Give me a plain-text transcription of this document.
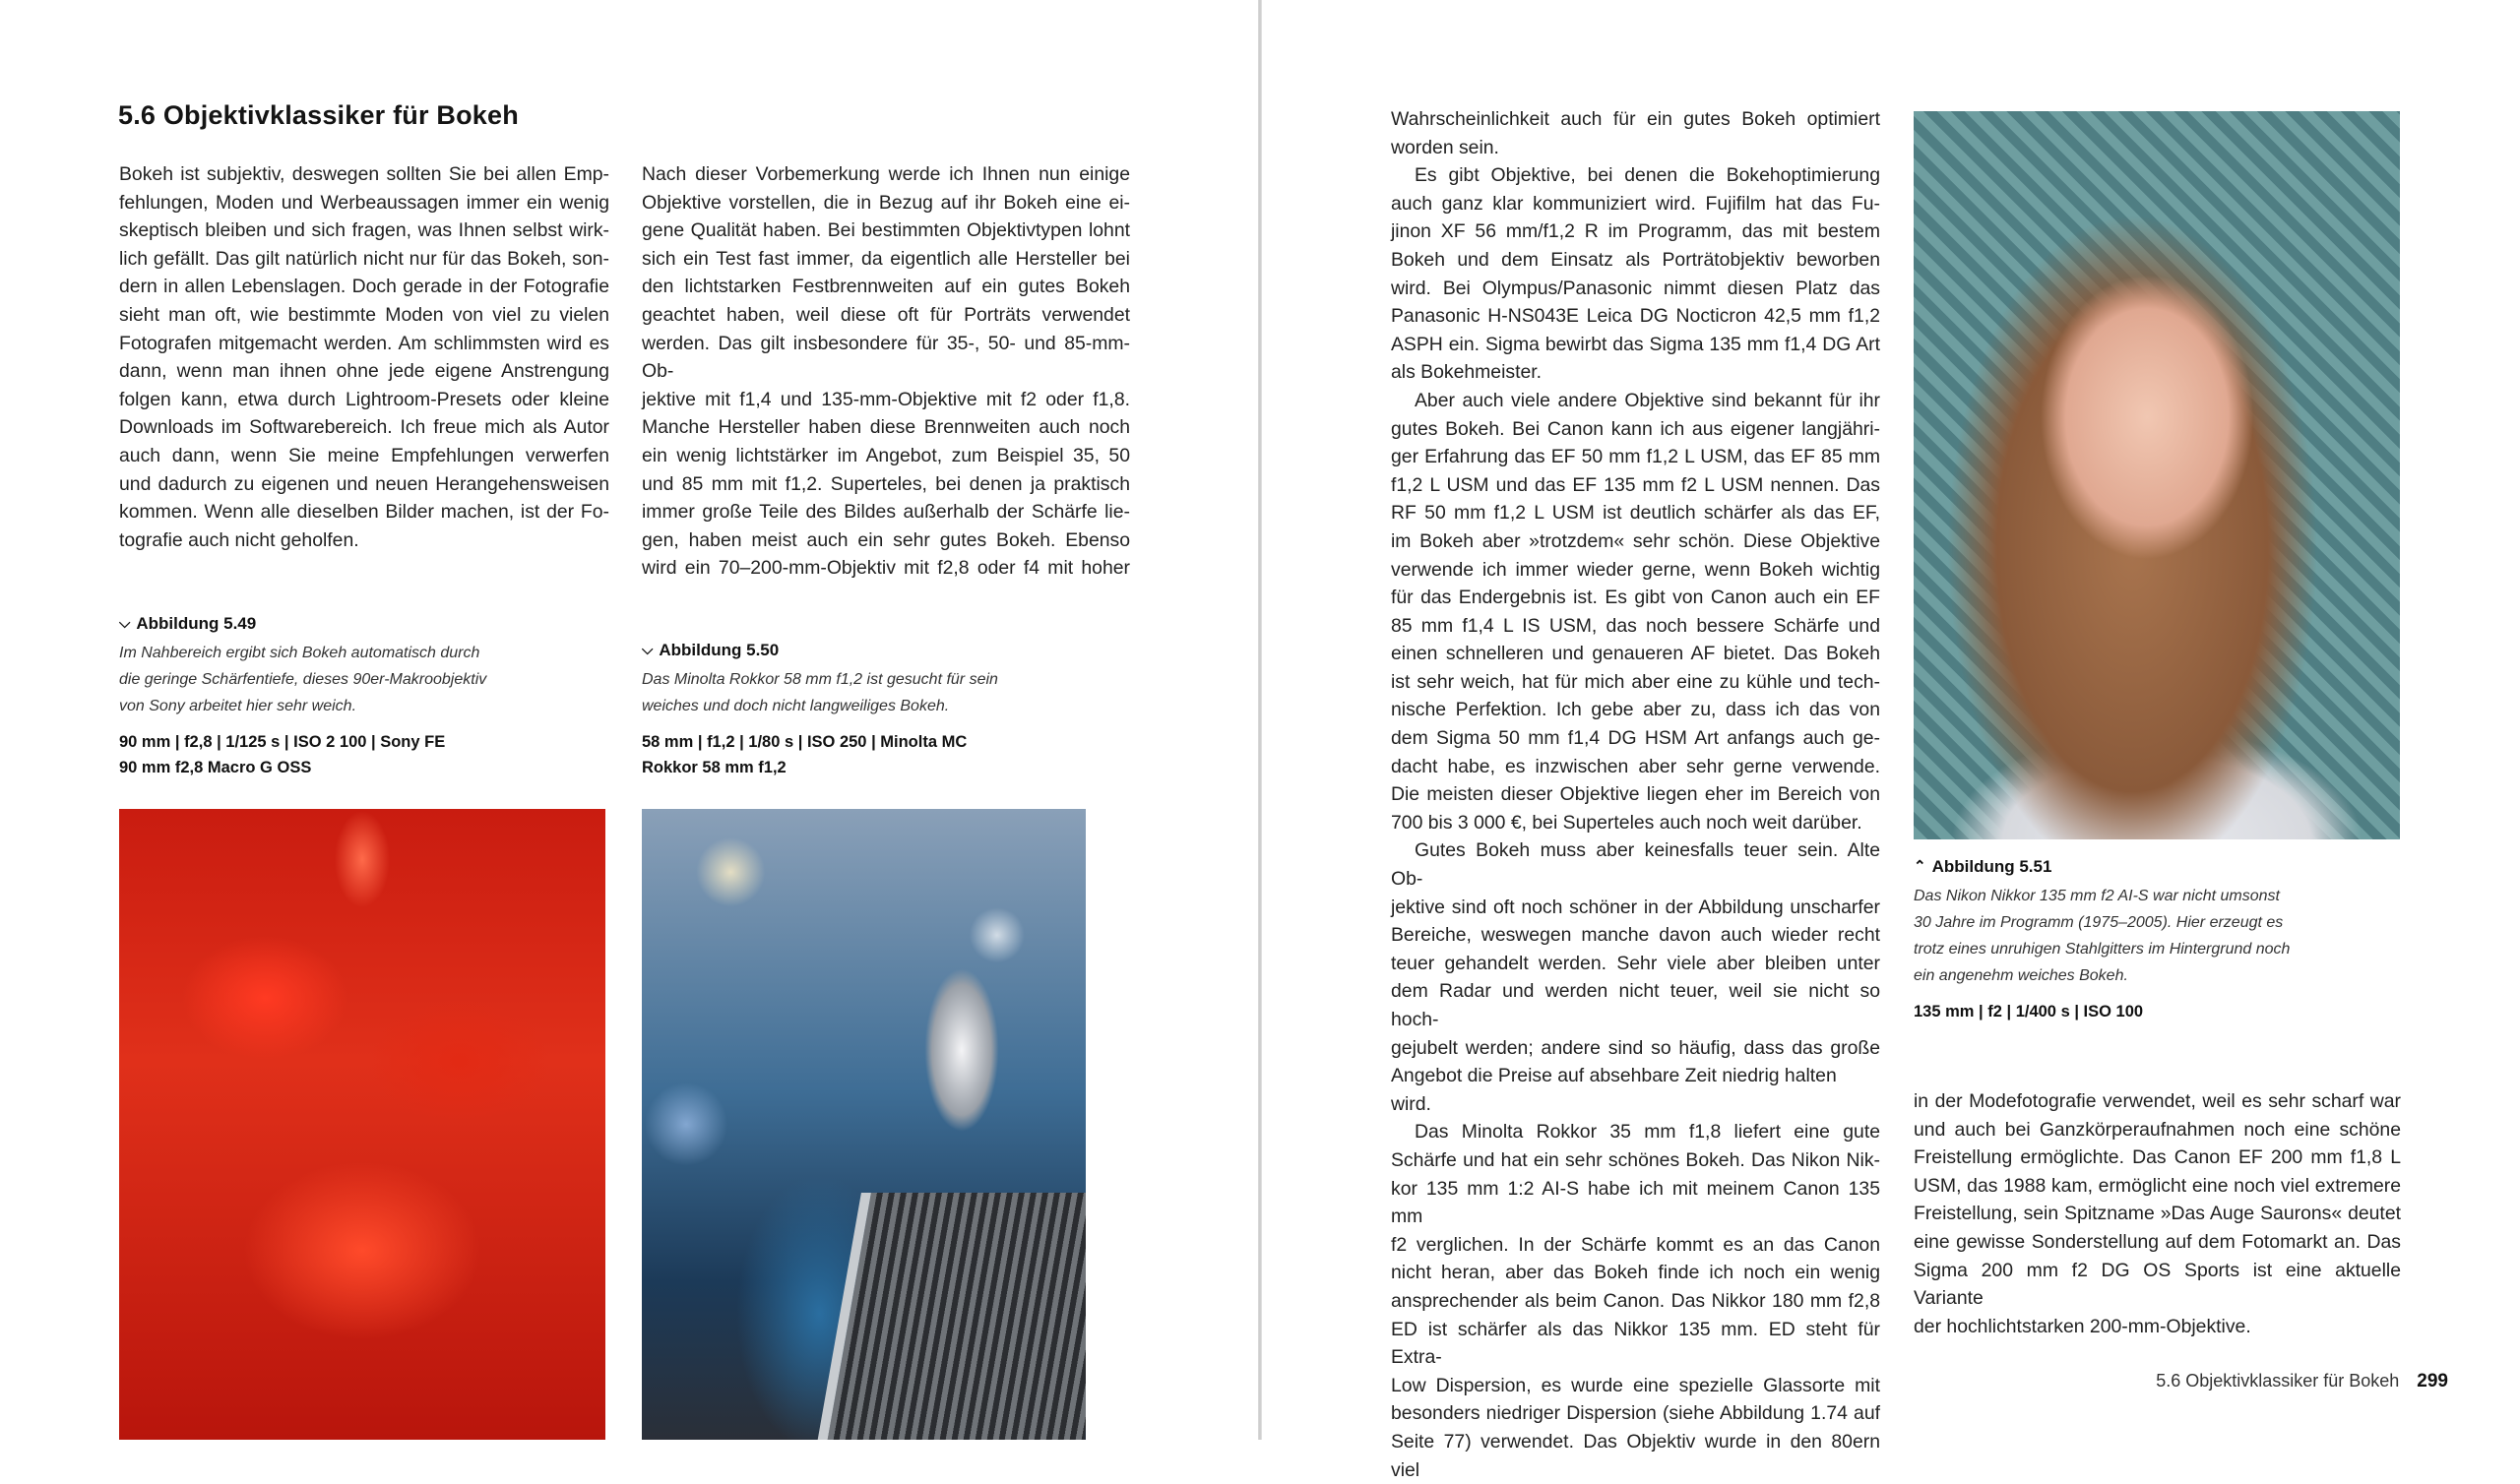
5.6 Objektivklassiker für Bokeh

Bokeh ist subjektiv, deswegen sollten Sie bei allen Emp-

fehlungen, Moden und Werbeaussagen immer ein wenig

skeptisch bleiben und sich fragen, was Ihnen selbst wirk-

lich gefällt. Das gilt natürlich nicht nur für das Bokeh, son-

dern in allen Lebenslagen. Doch gerade in der Fotografie

sieht man oft, wie bestimmte Moden von viel zu vielen

Fotografen mitgemacht werden. Am schlimmsten wird es

dann, wenn man ihnen ohne jede eigene Anstrengung

folgen kann, etwa durch Lightroom-Presets oder kleine

Downloads im Softwarebereich. Ich freue mich als Autor

auch dann, wenn Sie meine Empfehlungen verwerfen

und dadurch zu eigenen und neuen Herangehensweisen

kommen. Wenn alle dieselben Bilder machen, ist der Fo-

tografie auch nicht geholfen.

Nach dieser Vorbemerkung werde ich Ihnen nun einige

Objektive vorstellen, die in Bezug auf ihr Bokeh eine ei-

gene Qualität haben. Bei bestimmten Objektivtypen lohnt

sich ein Test fast immer, da eigentlich alle Hersteller bei

den lichtstarken Festbrennweiten auf ein gutes Bokeh

geachtet haben, weil diese oft für Porträts verwendet

werden. Das gilt insbesondere für 35-, 50- und 85-mm-Ob-

jektive mit f1,4 und 135-mm-Objektive mit f2 oder f1,8.

Manche Hersteller haben diese Brennweiten auch noch

ein wenig lichtstärker im Angebot, zum Beispiel 35, 50

und 85 mm mit f1,2. Superteles, bei denen ja praktisch

immer große Teile des Bildes außerhalb der Schärfe lie-

gen, haben meist auch ein sehr gutes Bokeh. Ebenso

wird ein 70–200-mm-Objektiv mit f2,8 oder f4 mit hoher

⌵ Abbildung 5.49
Im Nahbereich ergibt sich Bokeh automatisch durch
die geringe Schärfentiefe, dieses 90er-Makroobjektiv
von Sony arbeitet hier sehr weich.
90 mm | f2,8 | 1/125 s | ISO 2 100 | Sony FE
90 mm f2,8 Macro G OSS
⌵ Abbildung 5.50
Das Minolta Rokkor 58 mm f1,2 ist gesucht für sein
weiches und doch nicht langweiliges Bokeh.
58 mm | f1,2 | 1/80 s | ISO 250 | Minolta MC
Rokkor 58 mm f1,2

Wahrscheinlichkeit auch für ein gutes Bokeh optimiert

worden sein.

Es gibt Objektive, bei denen die Bokehoptimierung

auch ganz klar kommuniziert wird. Fujifilm hat das Fu-

jinon XF 56 mm/f1,2 R im Programm, das mit bestem

Bokeh und dem Einsatz als Porträtobjektiv beworben

wird. Bei Olympus/Panasonic nimmt diesen Platz das

Panasonic H-NS043E Leica DG Nocticron 42,5 mm f1,2

ASPH ein. Sigma bewirbt das Sigma 135 mm f1,4 DG Art

als Bokehmeister.

Aber auch viele andere Objektive sind bekannt für ihr

gutes Bokeh. Bei Canon kann ich aus eigener langjähri-

ger Erfahrung das EF 50 mm f1,2 L USM, das EF 85 mm

f1,2 L USM und das EF 135 mm f2 L USM nennen. Das

RF 50 mm f1,2 L USM ist deutlich schärfer als das EF,

im Bokeh aber »trotzdem« sehr schön. Diese Objektive

verwende ich immer wieder gerne, wenn Bokeh wichtig

für das Endergebnis ist. Es gibt von Canon auch ein EF

85 mm f1,4 L IS USM, das noch bessere Schärfe und

einen schnelleren und genaueren AF bietet. Das Bokeh

ist sehr weich, hat für mich aber eine zu kühle und tech-

nische Perfektion. Ich gebe aber zu, dass ich das von

dem Sigma 50 mm f1,4 DG HSM Art anfangs auch ge-

dacht habe, es inzwischen aber sehr gerne verwende.

Die meisten dieser Objektive liegen eher im Bereich von

700 bis 3 000 €, bei Superteles auch noch weit darüber.

Gutes Bokeh muss aber keinesfalls teuer sein. Alte Ob-

jektive sind oft noch schöner in der Abbildung unscharfer

Bereiche, weswegen manche davon auch wieder recht

teuer gehandelt werden. Sehr viele aber bleiben unter

dem Radar und werden nicht teuer, weil sie nicht so hoch-

gejubelt werden; andere sind so häufig, dass das große

Angebot die Preise auf absehbare Zeit niedrig halten wird.

Das Minolta Rokkor 35 mm f1,8 liefert eine gute

Schärfe und hat ein sehr schönes Bokeh. Das Nikon Nik-

kor 135 mm 1:2 AI-S habe ich mit meinem Canon 135 mm

f2 verglichen. In der Schärfe kommt es an das Canon

nicht heran, aber das Bokeh finde ich noch ein wenig

ansprechender als beim Canon. Das Nikkor 180 mm f2,8

ED ist schärfer als das Nikkor 135 mm. ED steht für Extra-

Low Dispersion, es wurde eine spezielle Glassorte mit

besonders niedriger Dispersion (siehe Abbildung 1.74 auf

Seite 77) verwendet. Das Objektiv wurde in den 80ern viel

⌃ Abbildung 5.51
Das Nikon Nikkor 135 mm f2 AI-S war nicht umsonst
30 Jahre im Programm (1975–2005). Hier erzeugt es
trotz eines unruhigen Stahlgitters im Hintergrund noch
ein angenehm weiches Bokeh.
135 mm | f2 | 1/400 s | ISO 100

in der Modefotografie verwendet, weil es sehr scharf war

und auch bei Ganzkörperaufnahmen noch eine schöne

Freistellung ermöglichte. Das Canon EF 200 mm f1,8 L

USM, das 1988 kam, ermöglicht eine noch viel extremere

Freistellung, sein Spitzname »Das Auge Saurons« deutet

eine gewisse Sonderstellung auf dem Fotomarkt an. Das

Sigma 200 mm f2 DG OS Sports ist eine aktuelle Variante

der hochlichtstarken 200-mm-Objektive.

5.6 Objektivklassiker für Bokeh 299
